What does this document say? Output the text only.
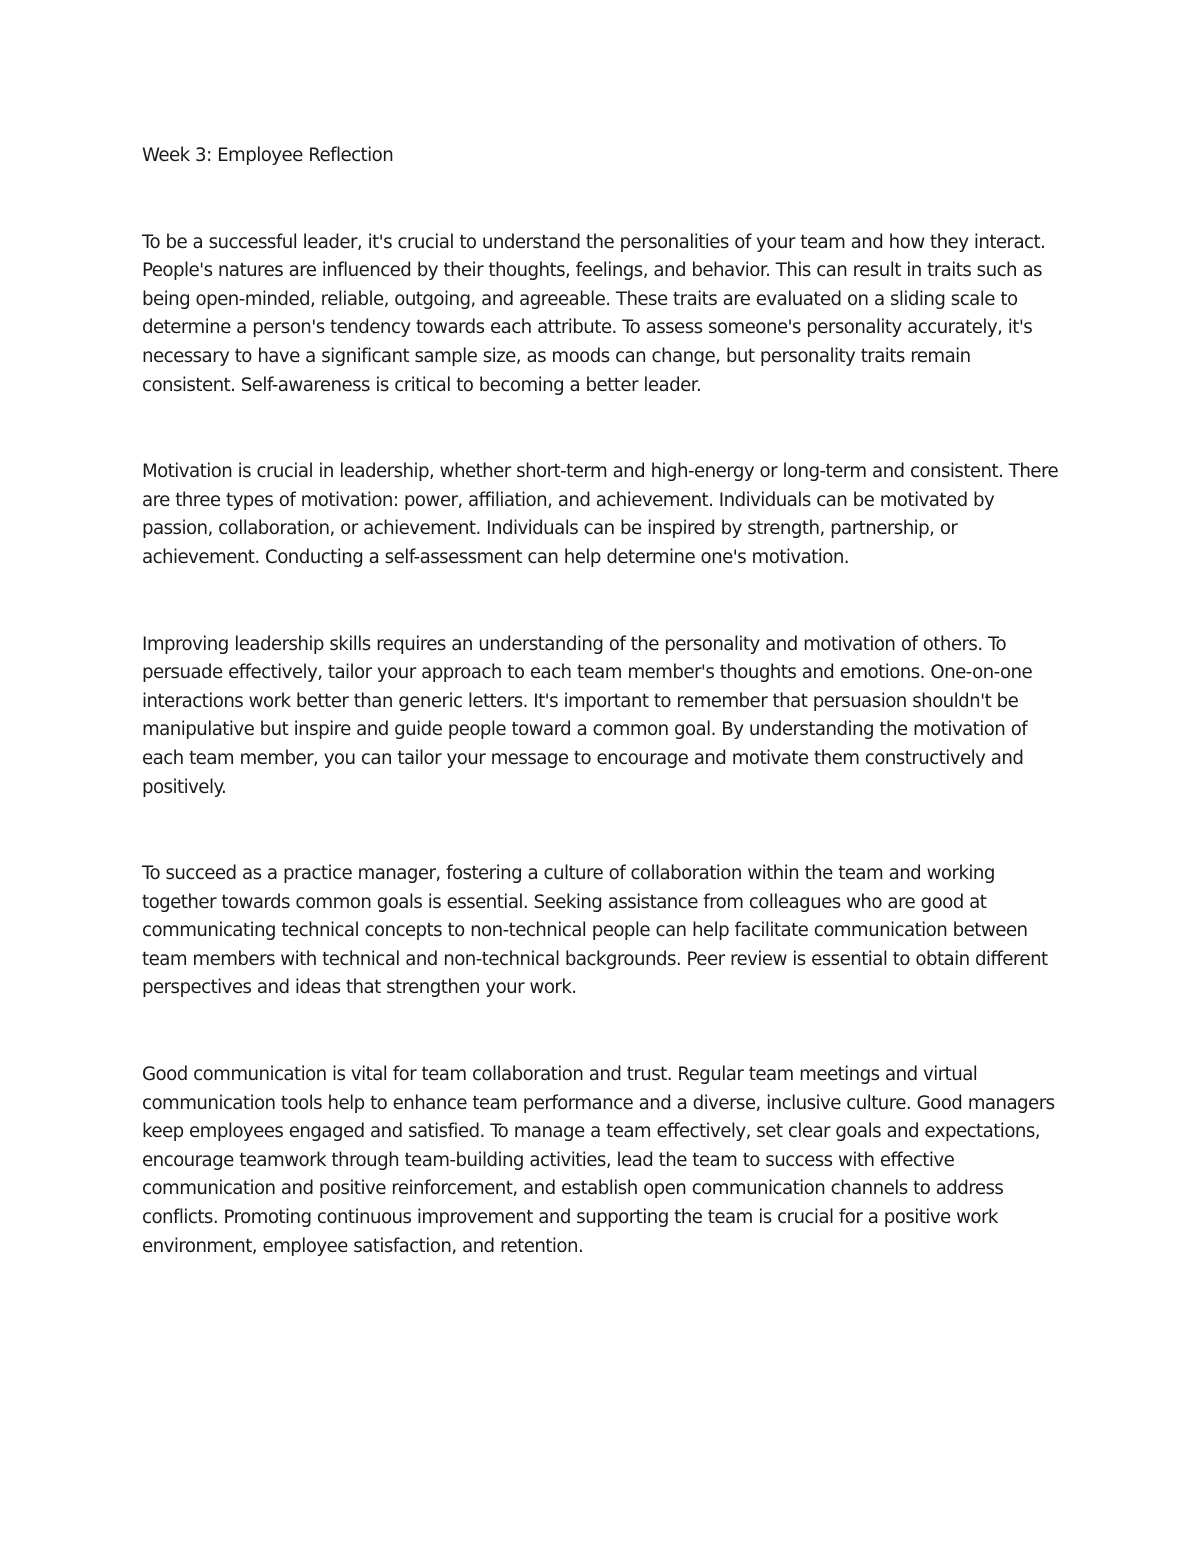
Week 3: Employee Reflection

To be a successful leader, it's crucial to understand the personalities of your team and how they interact. People's natures are influenced by their thoughts, feelings, and behavior. This can result in traits such as being open-minded, reliable, outgoing, and agreeable. These traits are evaluated on a sliding scale to determine a person's tendency towards each attribute. To assess someone's personality accurately, it's necessary to have a significant sample size, as moods can change, but personality traits remain consistent. Self-awareness is critical to becoming a better leader.

Motivation is crucial in leadership, whether short-term and high-energy or long-term and consistent. There are three types of motivation: power, affiliation, and achievement. Individuals can be motivated by passion, collaboration, or achievement. Individuals can be inspired by strength, partnership, or achievement. Conducting a self-assessment can help determine one's motivation.

Improving leadership skills requires an understanding of the personality and motivation of others. To persuade effectively, tailor your approach to each team member's thoughts and emotions. One-on-one interactions work better than generic letters. It's important to remember that persuasion shouldn't be manipulative but inspire and guide people toward a common goal. By understanding the motivation of each team member, you can tailor your message to encourage and motivate them constructively and positively.

To succeed as a practice manager, fostering a culture of collaboration within the team and working together towards common goals is essential. Seeking assistance from colleagues who are good at communicating technical concepts to non-technical people can help facilitate communication between team members with technical and non-technical backgrounds. Peer review is essential to obtain different perspectives and ideas that strengthen your work.

Good communication is vital for team collaboration and trust. Regular team meetings and virtual communication tools help to enhance team performance and a diverse, inclusive culture. Good managers keep employees engaged and satisfied. To manage a team effectively, set clear goals and expectations, encourage teamwork through team-building activities, lead the team to success with effective communication and positive reinforcement, and establish open communication channels to address conflicts. Promoting continuous improvement and supporting the team is crucial for a positive work environment, employee satisfaction, and retention.
